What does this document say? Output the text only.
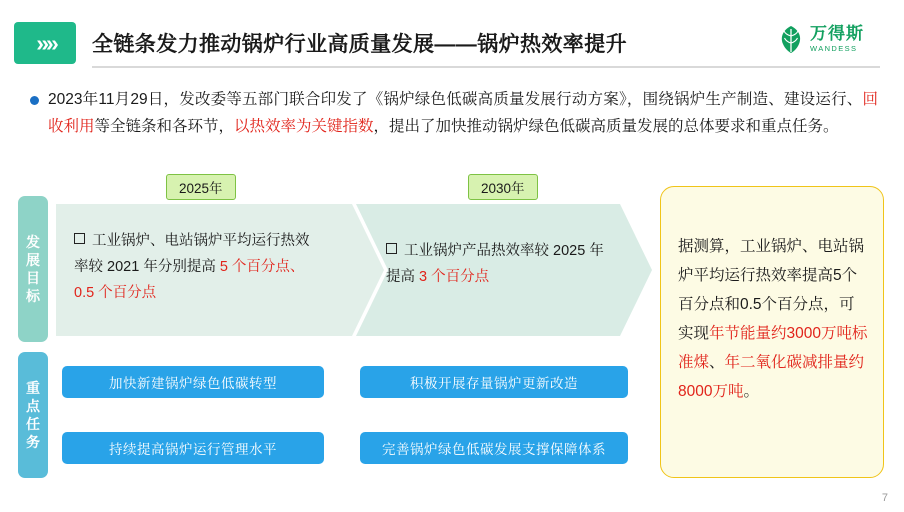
»» 全链条发力推动锅炉行业高质量发展——锅炉热效率提升	万得斯
WANDESS
2023年11月29日，发改委等五部门联合印发了《锅炉绿色低碳高质量发展行动方案》，围绕锅炉生产制造、建设运行、回收利用等全链条和各环节，以热效率为关键指数，提出了加快推动锅炉绿色低碳高质量发展的总体要求和重点任务。
发展目标
重点任务
2025年	2030年
工业锅炉、电站锅炉平均运行热效率较 2021 年分别提高 5 个百分点、0.5 个百分点
工业锅炉产品热效率较 2025 年提高 3 个百分点
加快新建锅炉绿色低碳转型	积极开展存量锅炉更新改造
持续提高锅炉运行管理水平	完善锅炉绿色低碳发展支撑保障体系
据测算，工业锅炉、电站锅炉平均运行热效率提高5个百分点和0.5个百分点，可实现年节能量约3000万吨标准煤、年二氧化碳减排量约8000万吨。
7
